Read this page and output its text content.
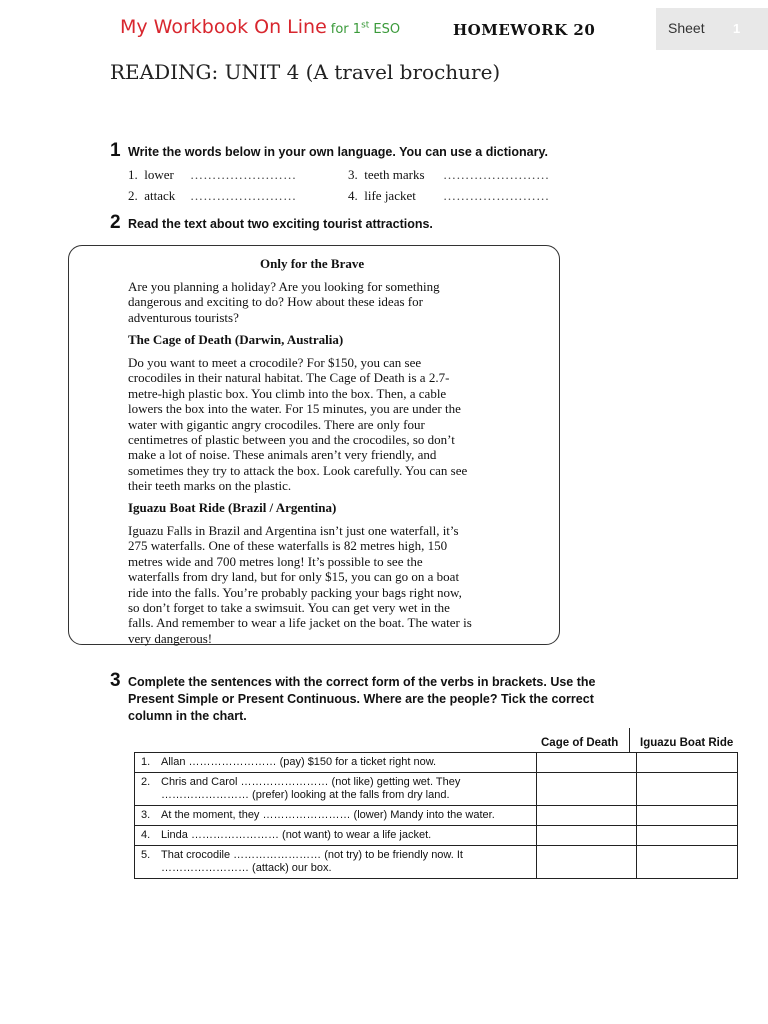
My Workbook On Line for 1st ESO	HOMEWORK 20	Sheet 1
READING: UNIT 4 (A travel brochure)
1 Write the words below in your own language. You can use a dictionary.
1. lower ……………………
2. attack ……………………
3. teeth marks ……………………
4. life jacket ……………………
2 Read the text about two exciting tourist attractions.
Only for the Brave
Are you planning a holiday? Are you looking for something
dangerous and exciting to do? How about these ideas for
adventurous tourists?
The Cage of Death (Darwin, Australia)
Do you want to meet a crocodile? For $150, you can see
crocodiles in their natural habitat. The Cage of Death is a 2.7-
metre-high plastic box. You climb into the box. Then, a cable
lowers the box into the water. For 15 minutes, you are under the
water with gigantic angry crocodiles. There are only four
centimetres of plastic between you and the crocodiles, so don’t
make a lot of noise. These animals aren’t very friendly, and
sometimes they try to attack the box. Look carefully. You can see
their teeth marks on the plastic.
Iguazu Boat Ride (Brazil / Argentina)
Iguazu Falls in Brazil and Argentina isn’t just one waterfall, it’s
275 waterfalls. One of these waterfalls is 82 metres high, 150
metres wide and 700 metres long! It’s possible to see the
waterfalls from dry land, but for only $15, you can go on a boat
ride into the falls. You’re probably packing your bags right now,
so don’t forget to take a swimsuit. You can get very wet in the
falls. And remember to wear a life jacket on the boat. The water is
very dangerous!
3 Complete the sentences with the correct form of the verbs in brackets. Use the
Present Simple or Present Continuous. Where are the people? Tick the correct
column in the chart.
Cage of Death Iguazu Boat Ride
1. Allan …………………… (pay) $150 for a ticket right now.		
2. Chris and Carol …………………… (not like) getting wet. They
…………………… (prefer) looking at the falls from dry land.		

3. At the moment, they …………………… (lower) Mandy into the water.		
4. Linda …………………… (not want) to wear a life jacket.		
5. That crocodile …………………… (not try) to be friendly now. It
…………………… (attack) our box.		
